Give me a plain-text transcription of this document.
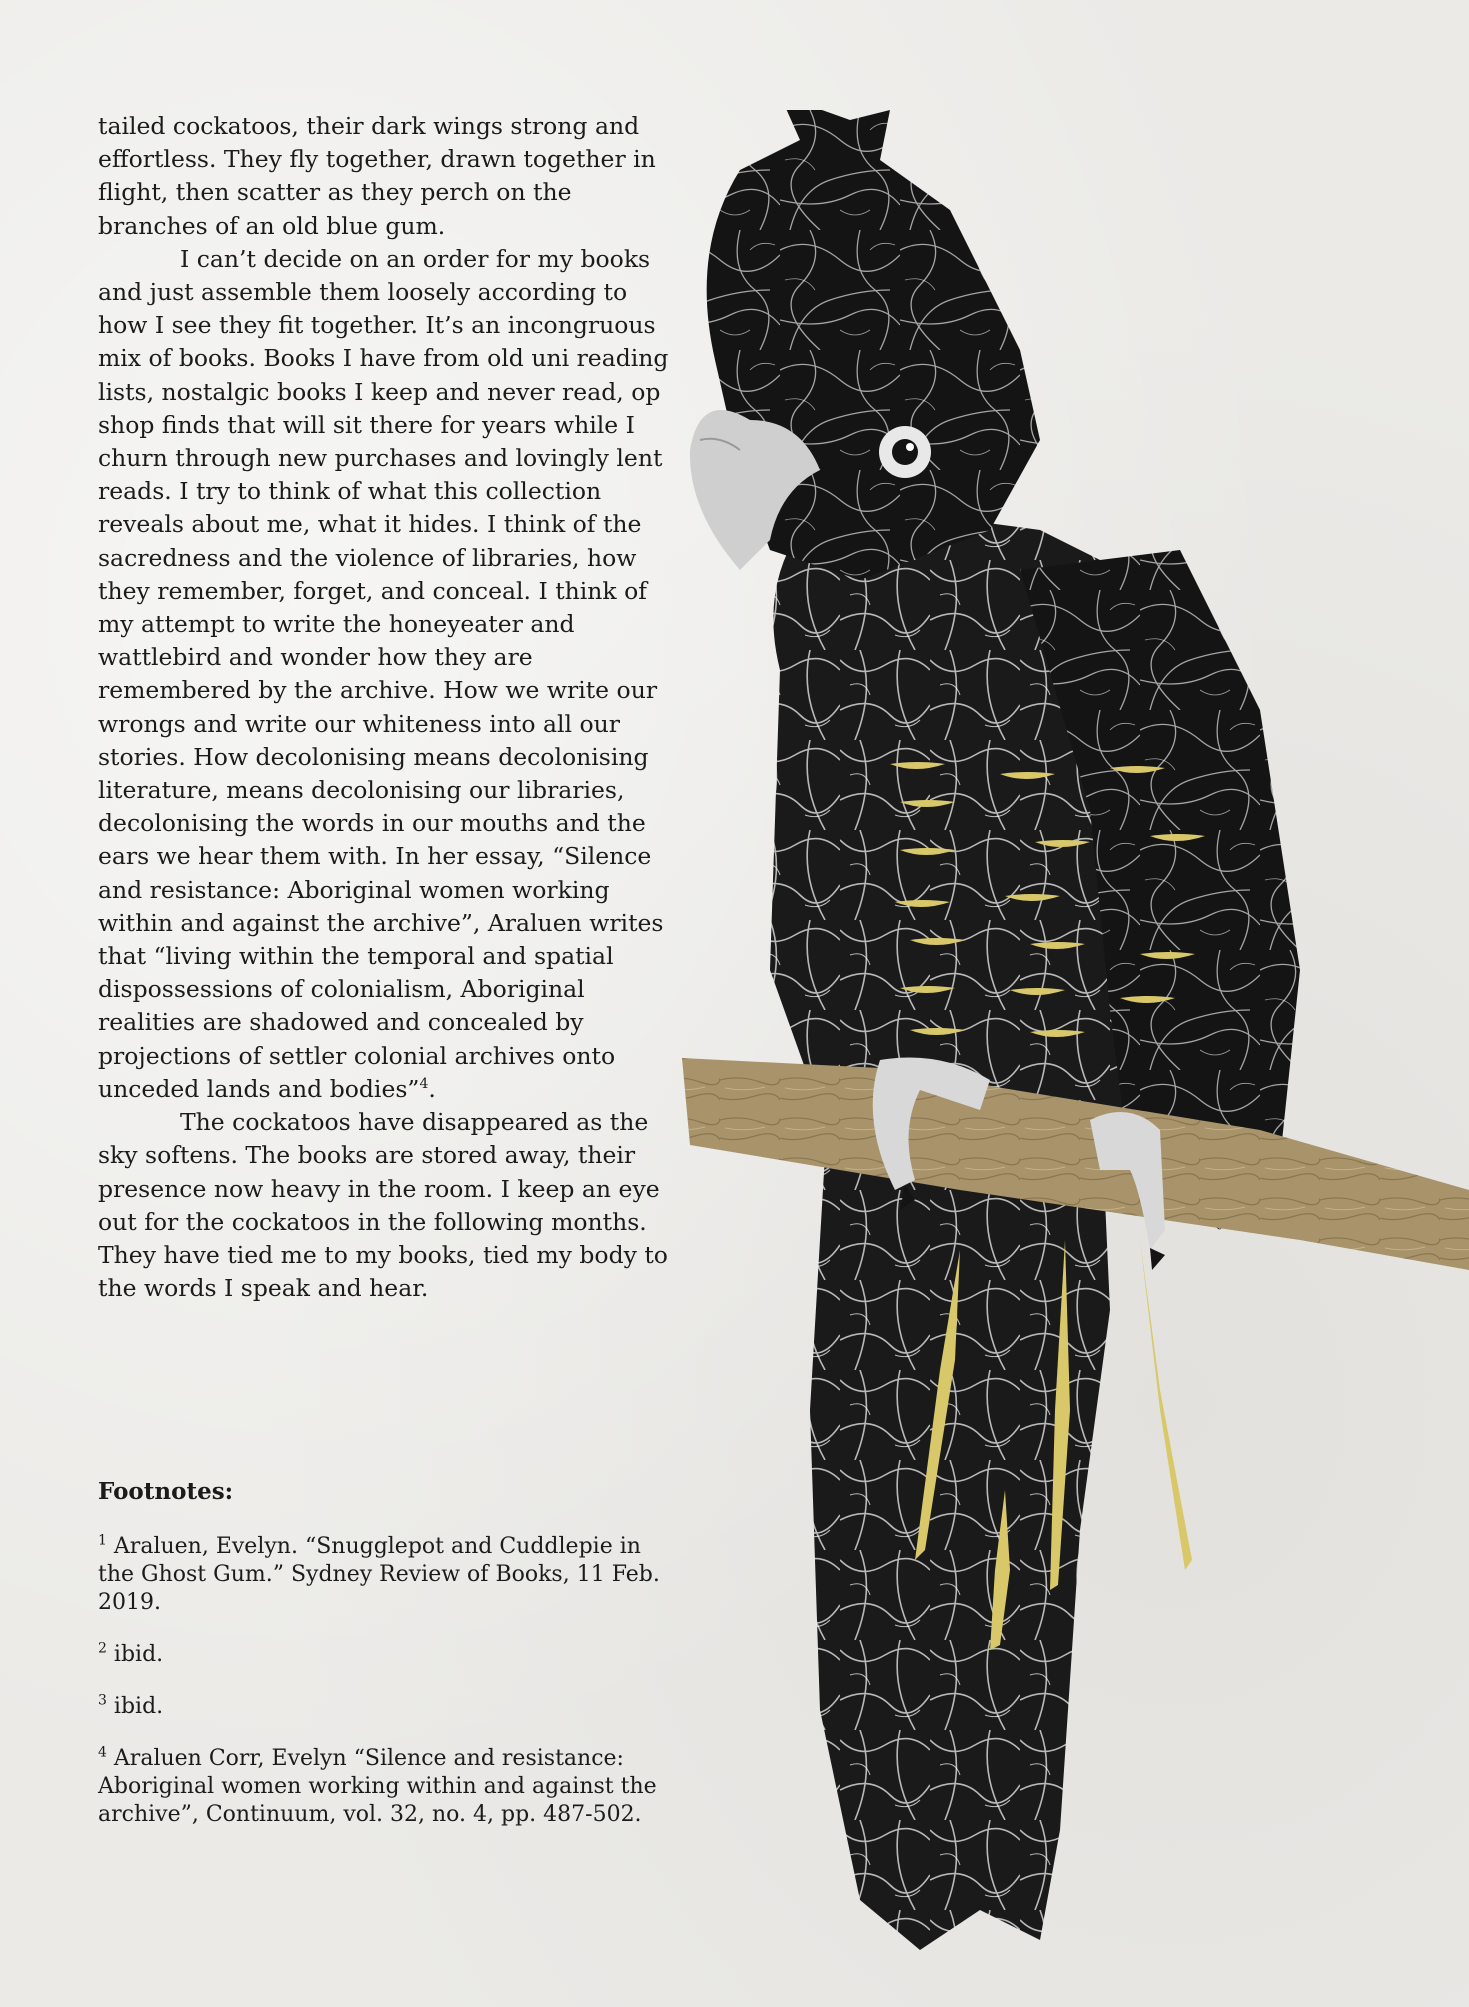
tailed cockatoos, their dark wings strong and effortless. They fly together, drawn together in flight, then scatter as they perch on the branches of an old blue gum.

I can’t decide on an order for my books and just assemble them loosely according to how I see they fit together. It’s an incongruous mix of books. Books I have from old uni reading lists, nostalgic books I keep and never read, op shop finds that will sit there for years while I churn through new purchases and lovingly lent reads. I try to think of what this collection reveals about me, what it hides. I think of the sacredness and the violence of libraries, how they remember, forget, and conceal. I think of my attempt to write the honeyeater and wattlebird and wonder how they are remembered by the archive. How we write our wrongs and write our whiteness into all our stories. How decolonising means decolonising literature, means decolonising our libraries, decolonising the words in our mouths and the ears we hear them with. In her essay, “Silence and resistance: Aboriginal women working within and against the archive”, Araluen writes that “living within the temporal and spatial dispossessions of colonialism, Aboriginal realities are shadowed and concealed by projections of settler colonial archives onto unceded lands and bodies”$^4$.

The cockatoos have disappeared as the sky softens. The books are stored away, their presence now heavy in the room. I keep an eye out for the cockatoos in the following months. They have tied me to my books, tied my body to the words I speak and hear.

Footnotes:
$^1$ Araluen, Evelyn. “Snugglepot and Cuddlepie in the Ghost Gum.” Sydney Review of Books, 11 Feb. 2019.
$^2$ ibid.
$^3$ ibid.
$^4$ Araluen Corr, Evelyn “Silence and resistance: Aboriginal women working within and against the archive”, Continuum, vol. 32, no. 4, pp. 487-502.
